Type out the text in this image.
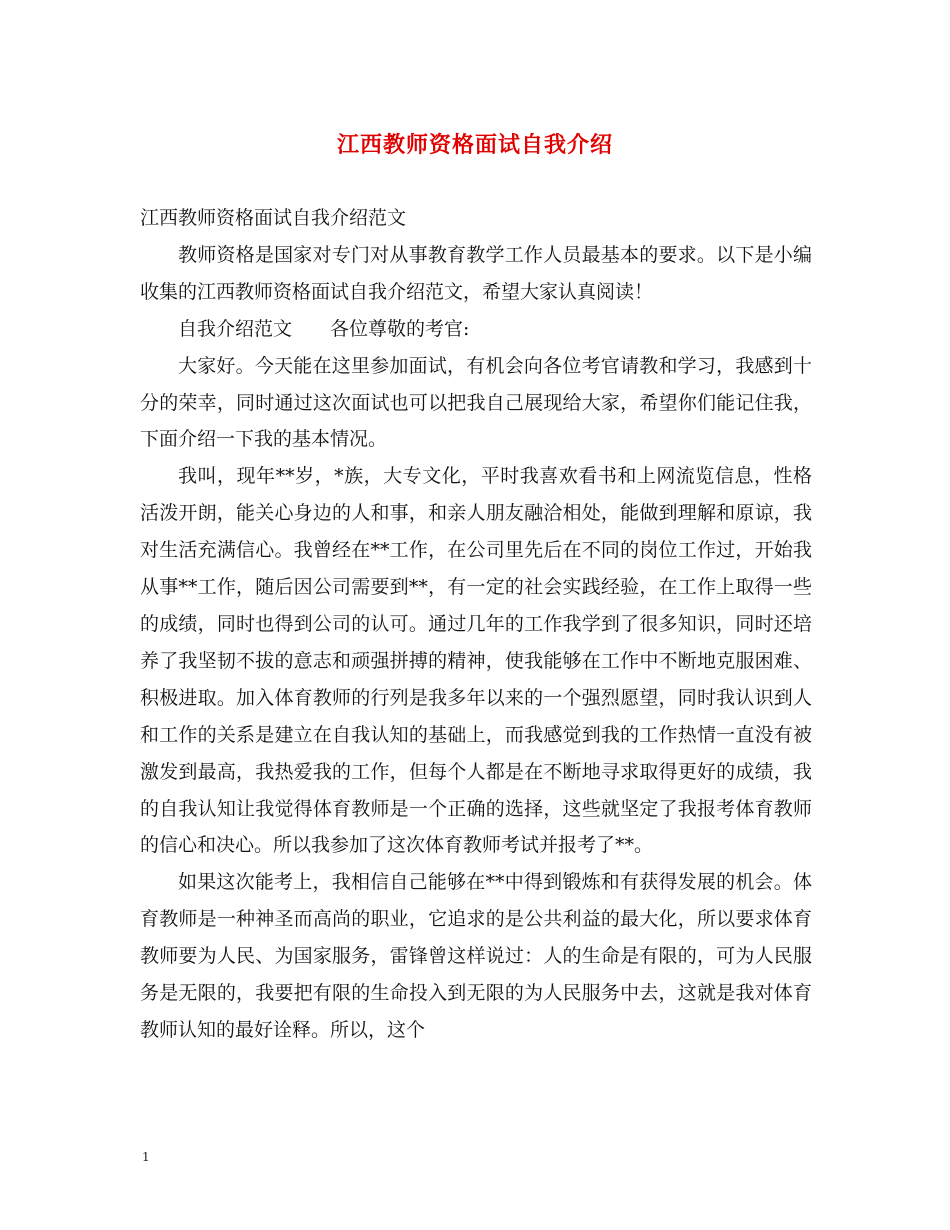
江西教师资格面试自我介绍

江西教师资格面试自我介绍范文

教师资格是国家对专门对从事教育教学工作人员最基本的要求。以下是小编收集的江西教师资格面试自我介绍范文，希望大家认真阅读！

自我介绍范文　　各位尊敬的考官:

大家好。今天能在这里参加面试，有机会向各位考官请教和学习，我感到十分的荣幸，同时通过这次面试也可以把我自己展现给大家，希望你们能记住我，下面介绍一下我的基本情况。

我叫，现年**岁，*族，大专文化，平时我喜欢看书和上网流览信息，性格活泼开朗，能关心身边的人和事，和亲人朋友融洽相处，能做到理解和原谅，我对生活充满信心。我曾经在**工作，在公司里先后在不同的岗位工作过，开始我从事**工作，随后因公司需要到**，有一定的社会实践经验，在工作上取得一些的成绩，同时也得到公司的认可。通过几年的工作我学到了很多知识，同时还培养了我坚韧不拔的意志和顽强拼搏的精神，使我能够在工作中不断地克服困难、积极进取。加入体育教师的行列是我多年以来的一个强烈愿望，同时我认识到人和工作的关系是建立在自我认知的基础上，而我感觉到我的工作热情一直没有被激发到最高，我热爱我的工作，但每个人都是在不断地寻求取得更好的成绩，我的自我认知让我觉得体育教师是一个正确的选择，这些就坚定了我报考体育教师的信心和决心。所以我参加了这次体育教师考试并报考了**。

如果这次能考上，我相信自己能够在**中得到锻炼和有获得发展的机会。体育教师是一种神圣而高尚的职业，它追求的是公共利益的最大化，所以要求体育教师要为人民、为国家服务，雷锋曾这样说过：人的生命是有限的，可为人民服务是无限的，我要把有限的生命投入到无限的为人民服务中去，这就是我对体育教师认知的最好诠释。所以，这个

1
